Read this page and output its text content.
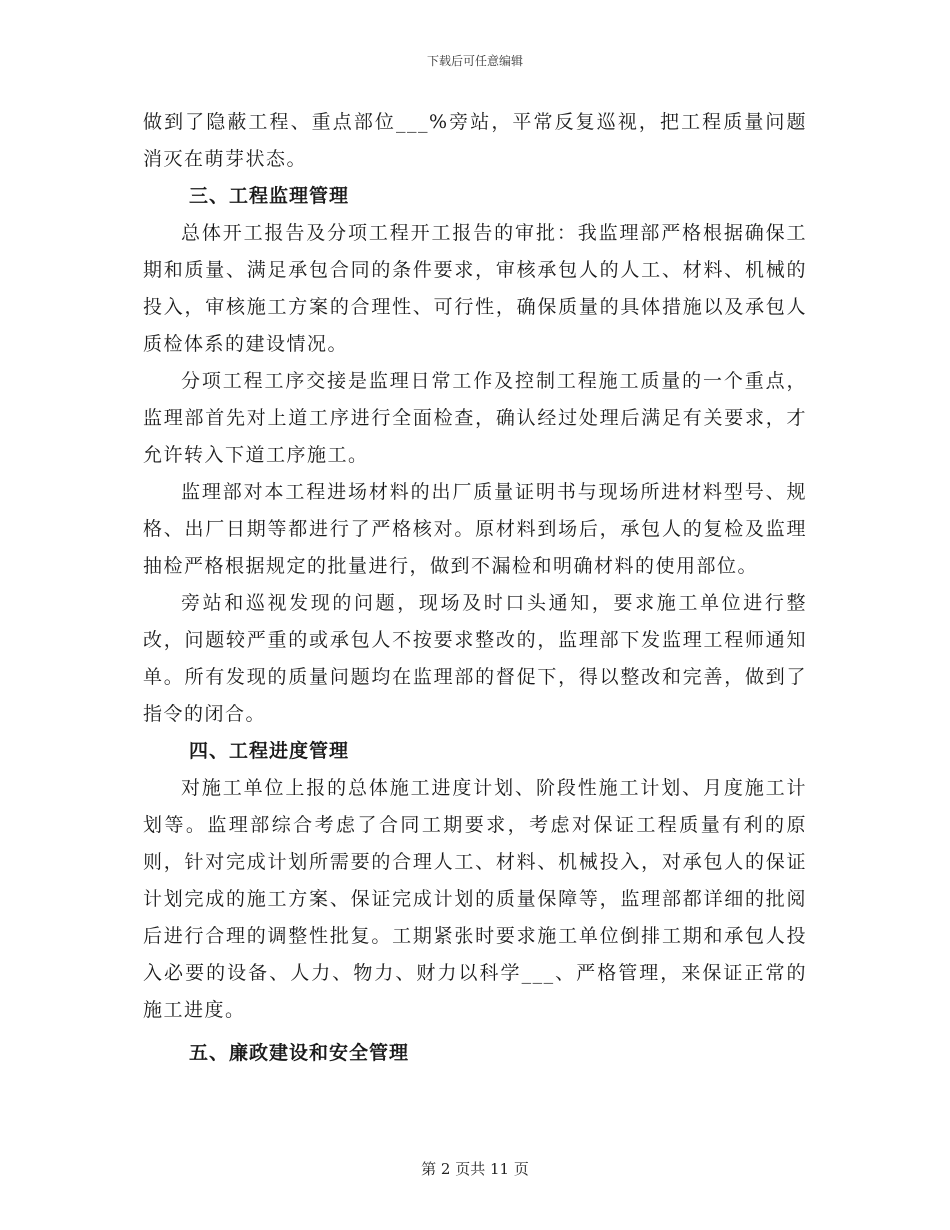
下载后可任意编辑

做到了隐蔽工程、重点部位___%旁站，平常反复巡视，把工程质量问题消灭在萌芽状态。

三、工程监理管理

总体开工报告及分项工程开工报告的审批：我监理部严格根据确保工期和质量、满足承包合同的条件要求，审核承包人的人工、材料、机械的投入，审核施工方案的合理性、可行性，确保质量的具体措施以及承包人质检体系的建设情况。

分项工程工序交接是监理日常工作及控制工程施工质量的一个重点，监理部首先对上道工序进行全面检查，确认经过处理后满足有关要求，才允许转入下道工序施工。

监理部对本工程进场材料的出厂质量证明书与现场所进材料型号、规格、出厂日期等都进行了严格核对。原材料到场后，承包人的复检及监理抽检严格根据规定的批量进行，做到不漏检和明确材料的使用部位。

旁站和巡视发现的问题，现场及时口头通知，要求施工单位进行整改，问题较严重的或承包人不按要求整改的，监理部下发监理工程师通知单。所有发现的质量问题均在监理部的督促下，得以整改和完善，做到了指令的闭合。

四、工程进度管理

对施工单位上报的总体施工进度计划、阶段性施工计划、月度施工计划等。监理部综合考虑了合同工期要求，考虑对保证工程质量有利的原则，针对完成计划所需要的合理人工、材料、机械投入，对承包人的保证计划完成的施工方案、保证完成计划的质量保障等，监理部都详细的批阅后进行合理的调整性批复。工期紧张时要求施工单位倒排工期和承包人投入必要的设备、人力、物力、财力以科学___、严格管理，来保证正常的施工进度。

五、廉政建设和安全管理

第 2 页共 11 页
